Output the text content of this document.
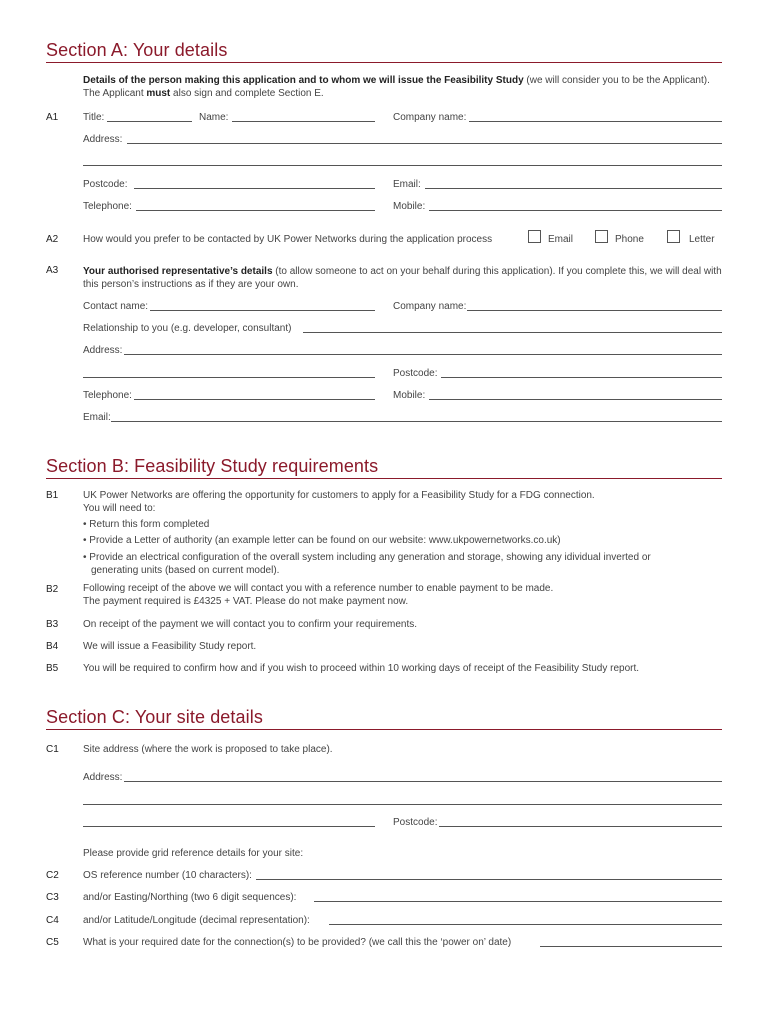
Section A: Your details
Details of the person making this application and to whom we will issue the Feasibility Study (we will consider you to be the Applicant). The Applicant must also sign and complete Section E.
A1 Title:	Name:	Company name:
Address:
Postcode:	Email:
Telephone:	Mobile:
A2 How would you prefer to be contacted by UK Power Networks during the application process	Email	Phone	Letter
A3 Your authorised representative’s details (to allow someone to act on your behalf during this application). If you complete this, we will deal with this person’s instructions as if they are your own.
Contact name:	Company name:
Relationship to you (e.g. developer, consultant)
Address:
Postcode:
Telephone:	Mobile:
Email:
Section B: Feasibility Study requirements
B1 UK Power Networks are offering the opportunity for customers to apply for a Feasibility Study for a FDG connection.
You will need to:
• Return this form completed
• Provide a Letter of authority (an example letter can be found on our website: www.ukpowernetworks.co.uk)
• Provide an electrical configuration of the overall system including any generation and storage, showing any idividual inverted or
generating units (based on current model).
B2 Following receipt of the above we will contact you with a reference number to enable payment to be made.
The payment required is £4325 + VAT. Please do not make payment now.
B3 On receipt of the payment we will contact you to confirm your requirements.
B4 We will issue a Feasibility Study report.
B5 You will be required to confirm how and if you wish to proceed within 10 working days of receipt of the Feasibility Study report.
Section C: Your site details
C1 Site address (where the work is proposed to take place).
Address:
Postcode:
Please provide grid reference details for your site:
C2 OS reference number (10 characters):
C3 and/or Easting/Northing (two 6 digit sequences):
C4 and/or Latitude/Longitude (decimal representation):
C5 What is your required date for the connection(s) to be provided? (we call this the ‘power on’ date)
